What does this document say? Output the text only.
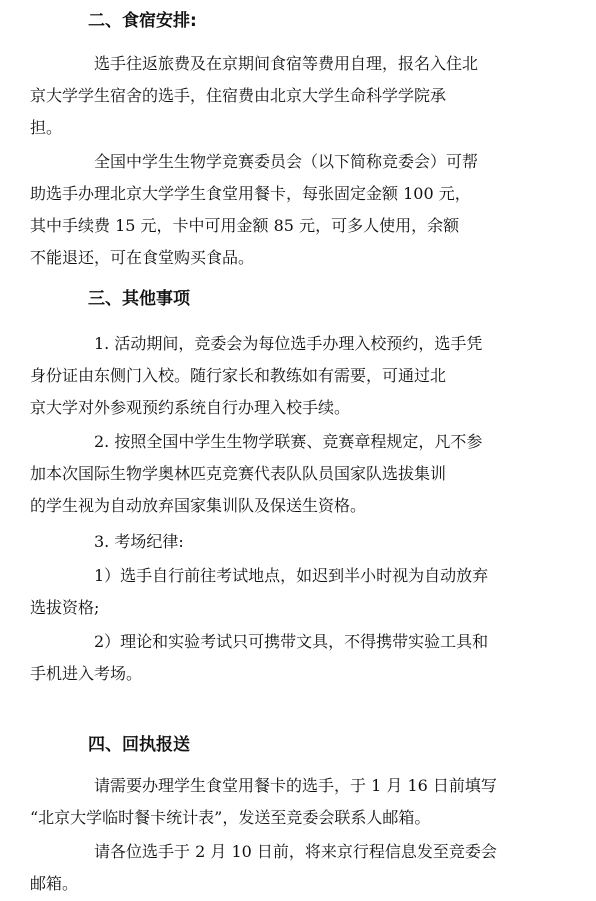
二、食宿安排:
选手往返旅费及在京期间食宿等费用自理，报名入住北
京大学学生宿舍的选手，住宿费由北京大学生命科学学院承
担。
全国中学生生物学竞赛委员会（以下简称竞委会）可帮
助选手办理北京大学学生食堂用餐卡，每张固定金额 100 元，
其中手续费 15 元，卡中可用金额 85 元，可多人使用，余额
不能退还，可在食堂购买食品。
三、其他事项
1. 活动期间，竞委会为每位选手办理入校预约，选手凭
身份证由东侧门入校。随行家长和教练如有需要，可通过北
京大学对外参观预约系统自行办理入校手续。
2. 按照全国中学生生物学联赛、竞赛章程规定，凡不参
加本次国际生物学奥林匹克竞赛代表队队员国家队选拔集训
的学生视为自动放弃国家集训队及保送生资格。
3. 考场纪律:
1）选手自行前往考试地点，如迟到半小时视为自动放弃
选拔资格;
2）理论和实验考试只可携带文具，不得携带实验工具和
手机进入考场。
四、回执报送
请需要办理学生食堂用餐卡的选手，于 1 月 16 日前填写
“北京大学临时餐卡统计表”，发送至竞委会联系人邮箱。
请各位选手于 2 月 10 日前，将来京行程信息发至竞委会
邮箱。
